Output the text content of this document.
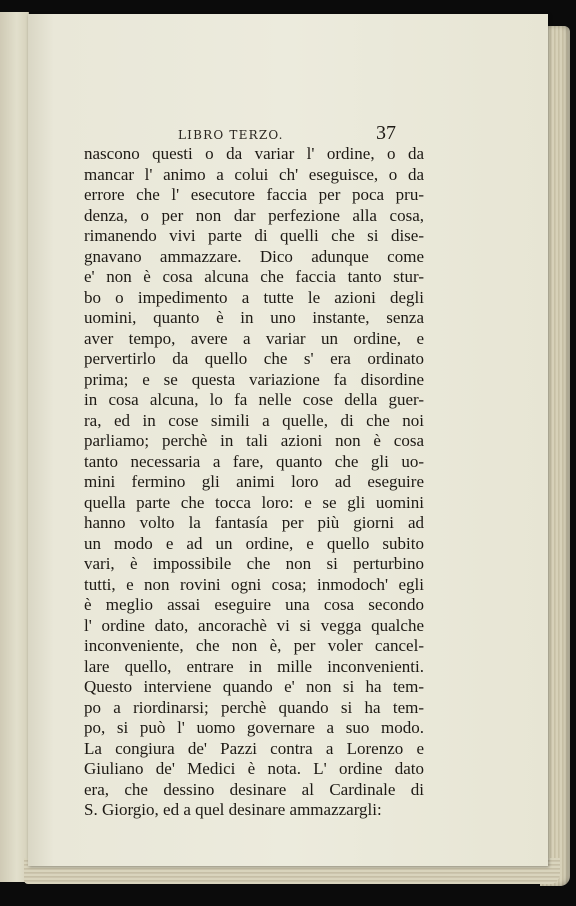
LIBRO TERZO.	37
nascono questi o da variar l' ordine, o da
mancar l' animo a colui ch' eseguisce, o da
errore che l' esecutore faccia per poca pru-
denza, o per non dar perfezione alla cosa,
rimanendo vivi parte di quelli che si dise-
gnavano ammazzare. Dico adunque come
e' non è cosa alcuna che faccia tanto stur-
bo o impedimento a tutte le azioni degli
uomini, quanto è in uno instante, senza
aver tempo, avere a variar un ordine, e
pervertirlo da quello che s' era ordinato
prima; e se questa variazione fa disordine
in cosa alcuna, lo fa nelle cose della guer-
ra, ed in cose simili a quelle, di che noi
parliamo; perchè in tali azioni non è cosa
tanto necessaria a fare, quanto che gli uo-
mini fermino gli animi loro ad eseguire
quella parte che tocca loro: e se gli uomini
hanno volto la fantasía per più giorni ad
un modo e ad un ordine, e quello subito
vari, è impossibile che non si perturbino
tutti, e non rovini ogni cosa; inmodoch' egli
è meglio assai eseguire una cosa secondo
l' ordine dato, ancorachè vi si vegga qualche
inconveniente, che non è, per voler cancel-
lare quello, entrare in mille inconvenienti.
Questo interviene quando e' non si ha tem-
po a riordinarsi; perchè quando si ha tem-
po, si può l' uomo governare a suo modo.
La congiura de' Pazzi contra a Lorenzo e
Giuliano de' Medici è nota. L' ordine dato
era, che dessino desinare al Cardinale di
S. Giorgio, ed a quel desinare ammazzargli:
